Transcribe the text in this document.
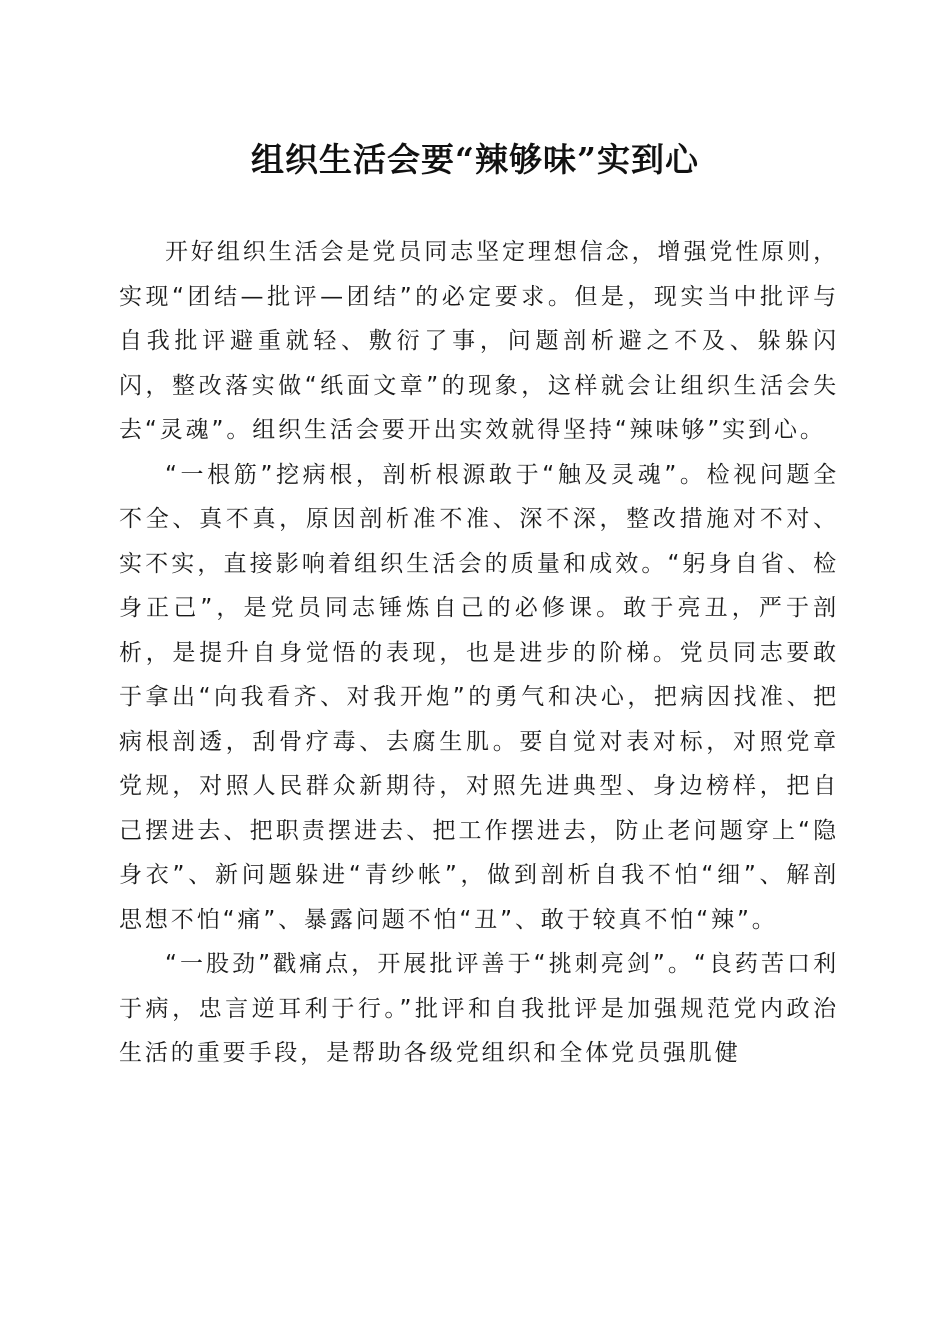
组织生活会要“辣够味”实到心

开好组织生活会是党员同志坚定理想信念，增强党性原则，实现“团结—批评—团结”的必定要求。但是，现实当中批评与自我批评避重就轻、敷衍了事，问题剖析避之不及、躲躲闪闪，整改落实做“纸面文章”的现象，这样就会让组织生活会失去“灵魂”。组织生活会要开出实效就得坚持“辣味够”实到心。

“一根筋”挖病根，剖析根源敢于“触及灵魂”。检视问题全不全、真不真，原因剖析准不准、深不深，整改措施对不对、实不实，直接影响着组织生活会的质量和成效。“躬身自省、检身正己”，是党员同志锤炼自己的必修课。敢于亮丑，严于剖析，是提升自身觉悟的表现，也是进步的阶梯。党员同志要敢于拿出“向我看齐、对我开炮”的勇气和决心，把病因找准、把病根剖透，刮骨疗毒、去腐生肌。要自觉对表对标，对照党章党规，对照人民群众新期待，对照先进典型、身边榜样，把自己摆进去、把职责摆进去、把工作摆进去，防止老问题穿上“隐身衣”、新问题躲进“青纱帐”，做到剖析自我不怕“细”、解剖思想不怕“痛”、暴露问题不怕“丑”、敢于较真不怕“辣”。

“一股劲”戳痛点，开展批评善于“挑刺亮剑”。“良药苦口利于病，忠言逆耳利于行。”批评和自我批评是加强规范党内政治生活的重要手段，是帮助各级党组织和全体党员强肌健
